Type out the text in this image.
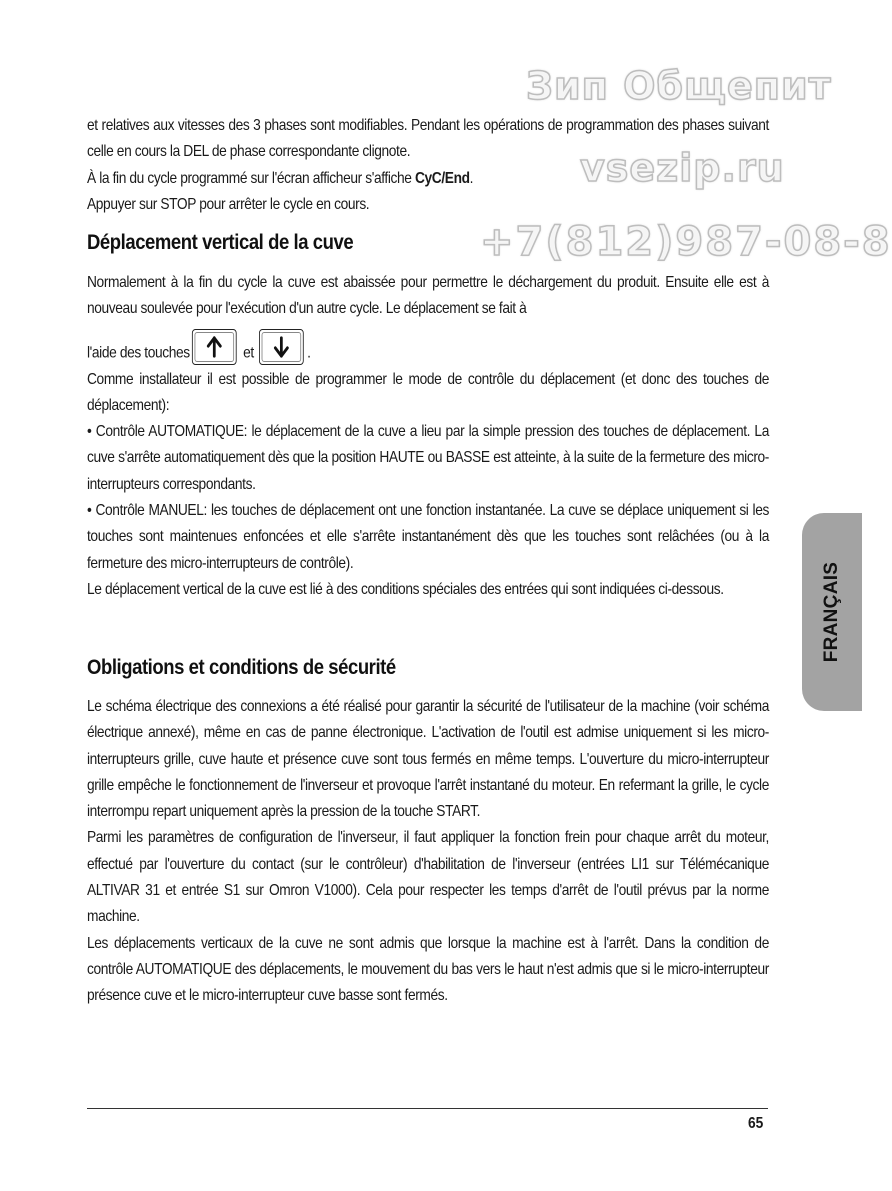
Зип Общепит
vsezip.ru
+7(812)987-08-8

et relatives aux vitesses des 3 phases sont modifiables. Pendant les opérations de programmation des phases suivant celle en cours la DEL de phase correspondante clignote.

À la fin du cycle programmé sur l'écran afficheur s'affiche CyC/End.

Appuyer sur STOP pour arrêter le cycle en cours.

Déplacement vertical de la cuve

Normalement à la fin du cycle la cuve est abaissée pour permettre le déchargement du produit. Ensuite elle est à nouveau soulevée pour l'exécution d'un autre cycle. Le déplacement se fait à

l'aide des touches	et	.

Comme installateur il est possible de programmer le mode de contrôle du déplacement (et donc des touches de déplacement):

• Contrôle AUTOMATIQUE: le déplacement de la cuve a lieu par la simple pression des touches de déplacement. La cuve s'arrête automatiquement dès que la position HAUTE ou BASSE est atteinte, à la suite de la fermeture des micro-interrupteurs correspondants.

• Contrôle MANUEL: les touches de déplacement ont une fonction instantanée. La cuve se déplace uniquement si les touches sont maintenues enfoncées et elle s'arrête instantanément dès que les touches sont relâchées (ou à la fermeture des micro-interrupteurs de contrôle).

Le déplacement vertical de la cuve est lié à des conditions spéciales des entrées qui sont indiquées ci-dessous.

Obligations et conditions de sécurité

Le schéma électrique des connexions a été réalisé pour garantir la sécurité de l'utilisateur de la machine (voir schéma électrique annexé), même en cas de panne électronique. L'activation de l'outil est admise uniquement si les micro-interrupteurs grille, cuve haute et présence cuve sont tous fermés en même temps. L'ouverture du micro-interrupteur grille empêche le fonctionnement de l'inverseur et provoque l'arrêt instantané du moteur. En refermant la grille, le cycle interrompu repart uniquement après la pression de la touche START.

Parmi les paramètres de configuration de l'inverseur, il faut appliquer la fonction frein pour chaque arrêt du moteur, effectué par l'ouverture du contact (sur le contrôleur) d'habilitation de l'inverseur (entrées LI1 sur Télémécanique ALTIVAR 31 et entrée S1 sur Omron V1000). Cela pour respecter les temps d'arrêt de l'outil prévus par la norme machine.

Les déplacements verticaux de la cuve ne sont admis que lorsque la machine est à l'arrêt. Dans la condition de contrôle AUTOMATIQUE des déplacements, le mouvement du bas vers le haut n'est admis que si le micro-interrupteur présence cuve et le micro-interrupteur cuve basse sont fermés.

FRANÇAIS
65
